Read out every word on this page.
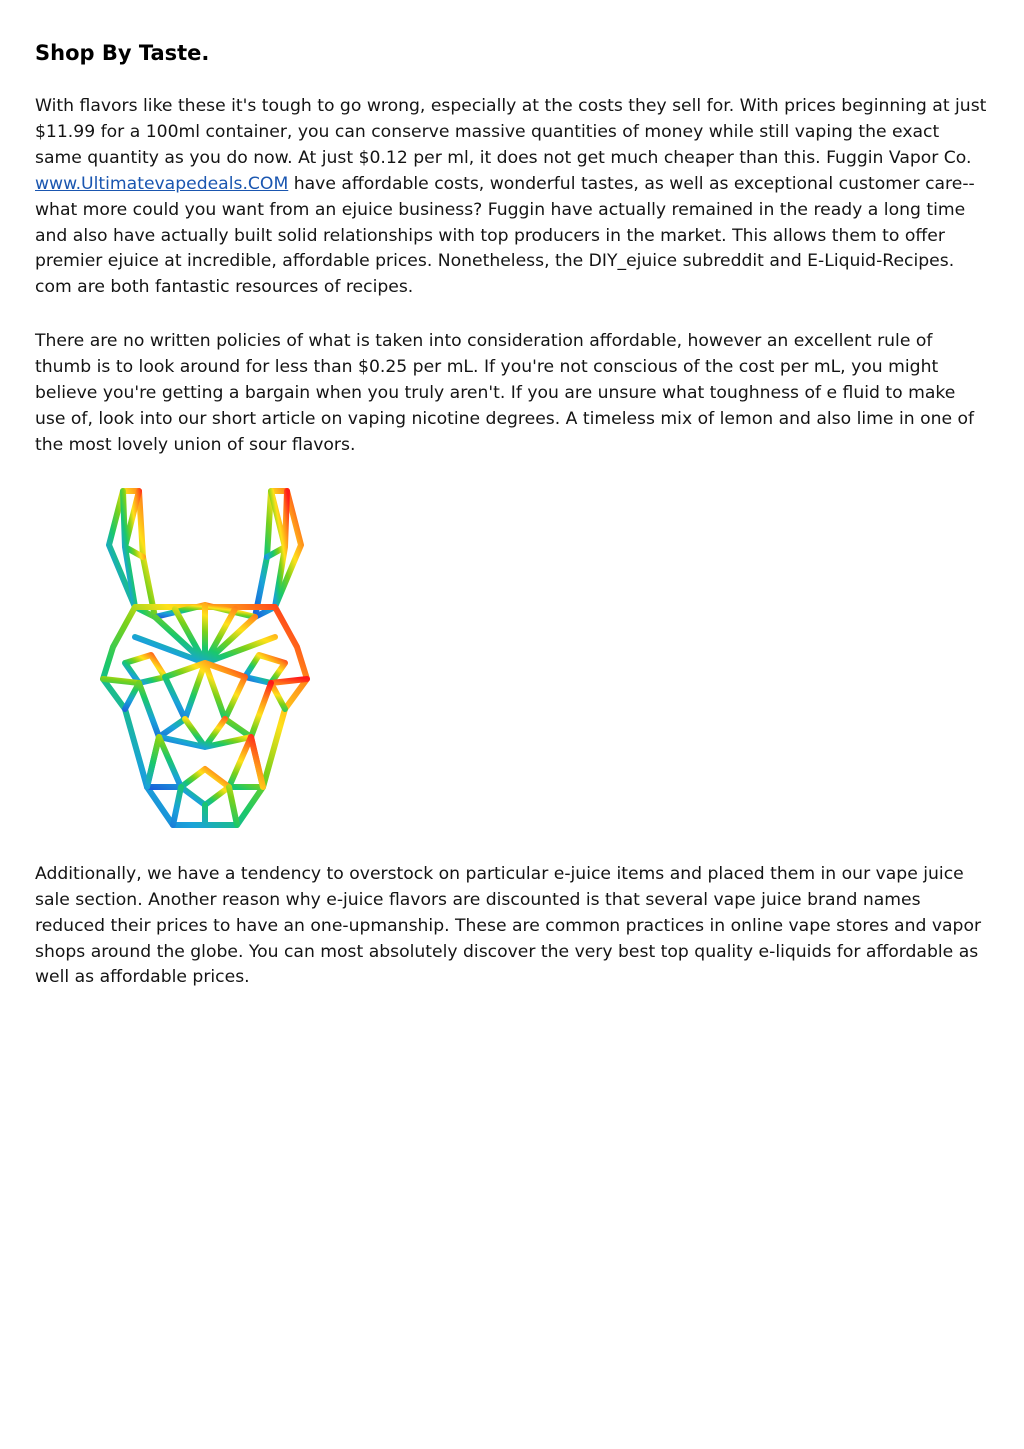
Shop By Taste.

With flavors like these it's tough to go wrong, especially at the costs they sell for. With prices beginning at just $11.99 for a 100ml container, you can conserve massive quantities of money while still vaping the exact same quantity as you do now. At just $0.12 per ml, it does not get much cheaper than this. Fuggin Vapor Co. www.Ultimatevapedeals.COM have affordable costs, wonderful tastes, as well as exceptional customer care-- what more could you want from an ejuice business? Fuggin have actually remained in the ready a long time and also have actually built solid relationships with top producers in the market. This allows them to offer premier ejuice at incredible, affordable prices. Nonetheless, the DIY_ejuice subreddit and E-Liquid-Recipes. com are both fantastic resources of recipes.

There are no written policies of what is taken into consideration affordable, however an excellent rule of thumb is to look around for less than $0.25 per mL. If you're not conscious of the cost per mL, you might believe you're getting a bargain when you truly aren't. If you are unsure what toughness of e fluid to make use of, look into our short article on vaping nicotine degrees. A timeless mix of lemon and also lime in one of the most lovely union of sour flavors.

Additionally, we have a tendency to overstock on particular e-juice items and placed them in our vape juice sale section. Another reason why e-juice flavors are discounted is that several vape juice brand names reduced their prices to have an one-upmanship. These are common practices in online vape stores and vapor shops around the globe. You can most absolutely discover the very best top quality e-liquids for affordable as well as affordable prices.
